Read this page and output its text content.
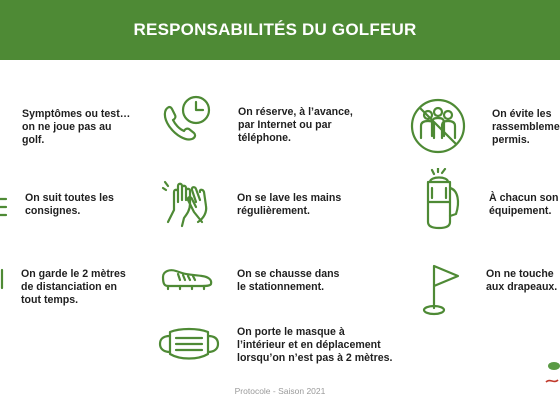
RESPONSABILITÉS DU GOLFEUR
Symptômes ou test…
on ne joue pas au
golf.
On réserve, à l’avance,
par Internet ou par
téléphone.
On évite les
rassembleme
permis.
On suit toutes les
consignes.
On se lave les mains
régulièrement.
À chacun son
équipement.
On garde le 2 mètres
de distanciation en
tout temps.
On se chausse dans
le stationnement.
On ne touche
aux drapeaux.
On porte le masque à
l’intérieur et en déplacement
lorsqu’on n’est pas à 2 mètres.
Protocole - Saison 2021
